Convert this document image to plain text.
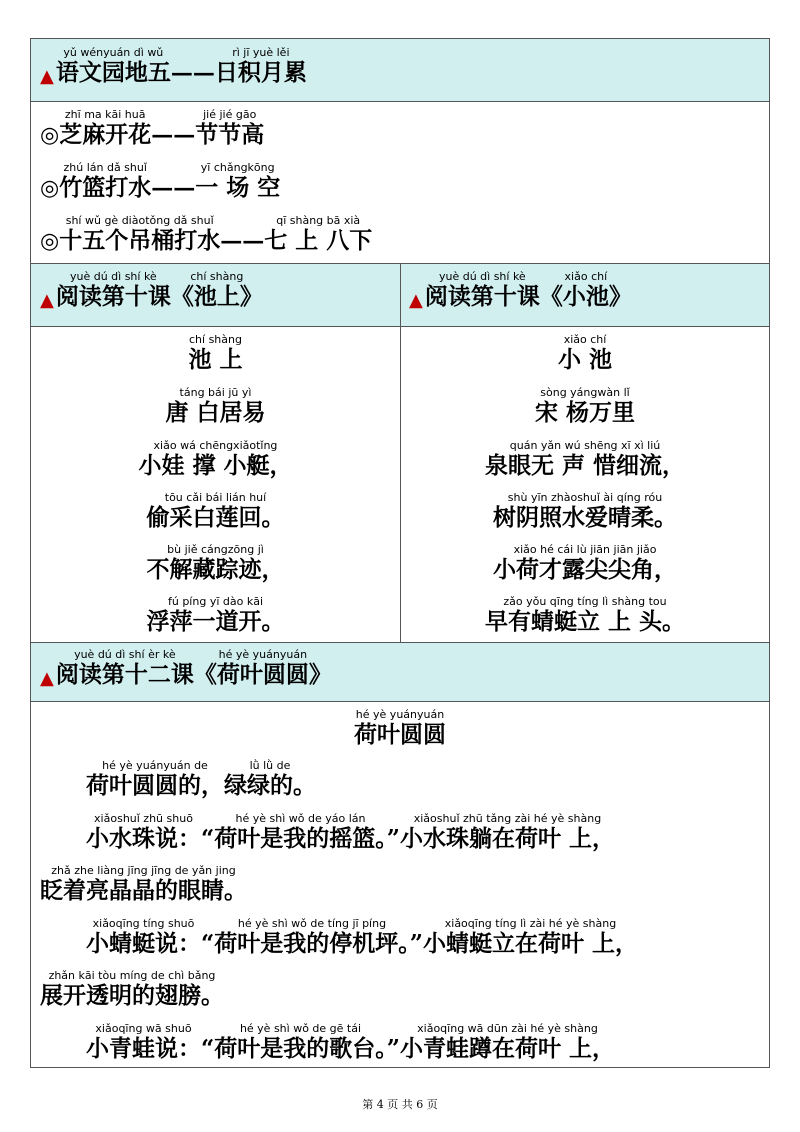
▲
yǔ wényuán dì wǔ
语文园地五 ——
rì jī yuè lěi
日积月累
◎
zhī ma kāi huā
芝麻开花 ——
jié jié gāo
节节高
◎
zhú lán dǎ shuǐ
竹篮打水 ——
yī chǎngkōng
一 场 空
◎
shí wǔ gè diàotǒng dǎ shuǐ
十五个吊桶打水 ——
qī shàng bā xià
七 上 八下
▲
yuè dú dì shí kè
阅读第十课
chí shàng
《池上》	▲
yuè dú dì shí kè
阅读第十课
xiǎo chí
《小池》
chí shàng
池 上
táng bái jū yì
唐 白居易
xiǎo wá chēngxiǎotǐng
小娃 撑 小艇，
tōu cǎi bái lián huí
偷采白莲回。
bù jiě cángzōng jì
不解藏踪迹，
fú píng yī dào kāi
浮萍一道开。
xiǎo chí
小 池
sòng yángwàn lǐ
宋 杨万里
quán yǎn wú shēng xī xì liú
泉眼无 声 惜细流，
shù yīn zhàoshuǐ ài qíng róu
树阴照水爱晴柔。
xiǎo hé cái lù jiān jiān jiǎo
小荷才露尖尖角，
zǎo yǒu qīng tíng lì shàng tou
早有蜻蜓立 上 头。
▲
yuè dú dì shí èr kè
阅读第十二课
hé yè yuányuán
《荷叶圆圆》
hé yè yuányuán
荷叶圆圆
hé yè yuányuán de
荷叶圆圆的，
lǜ lǜ de
绿绿的。
xiǎoshuǐ zhū shuō
小水珠说：
hé yè shì wǒ de yáo lán
“荷叶是我的摇篮。”
xiǎoshuǐ zhū tǎng zài hé yè shàng
小水珠躺在荷叶 上，
zhǎ zhe liàng jīng jīng de yǎn jing
眨着亮晶晶的眼睛。
xiǎoqīng tíng shuō
小蜻蜓说：
hé yè shì wǒ de tíng jī píng
“荷叶是我的停机坪。”
xiǎoqīng tíng lì zài hé yè shàng
小蜻蜓立在荷叶 上，
zhǎn kāi tòu míng de chì bǎng
展开透明的翅膀。
xiǎoqīng wā shuō
小青蛙说：
hé yè shì wǒ de gē tái
“荷叶是我的歌台。”
xiǎoqīng wā dūn zài hé yè shàng
小青蛙蹲在荷叶 上，
第 4 页 共 6 页
